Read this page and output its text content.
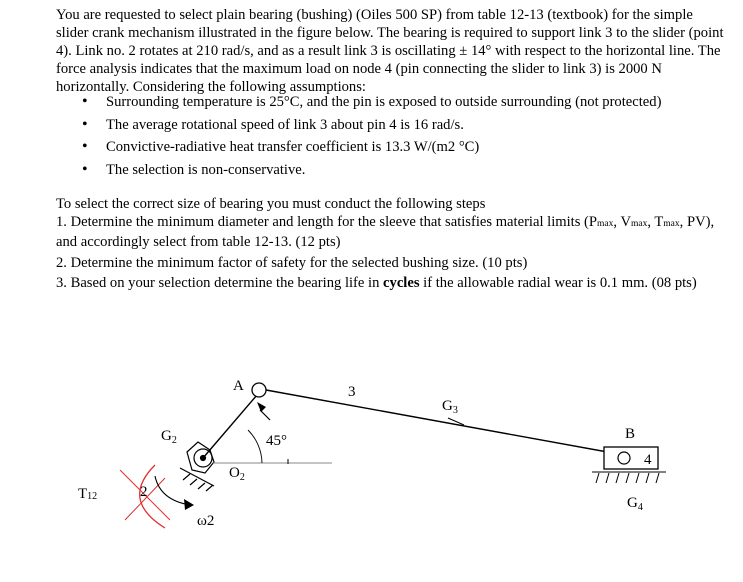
You are requested to select plain bearing (bushing) (Oiles 500 SP) from table 12-13 (textbook) for the simple slider crank mechanism illustrated in the figure below. The bearing is required to support link 3 to the slider (point 4). Link no. 2 rotates at 210 rad/s, and as a result link 3 is oscillating ± 14° with respect to the horizontal line. The force analysis indicates that the maximum load on node 4 (pin connecting the slider to link 3) is 2000 N horizontally. Considering the following assumptions:

• Surrounding temperature is 25°C, and the pin is exposed to outside surrounding (not protected)
• The average rotational speed of link 3 about pin 4 is 16 rad/s.
• Convictive-radiative heat transfer coefficient is 13.3 W/(m2 °C)
• The selection is non-conservative.

To select the correct size of bearing you must conduct the following steps

1. Determine the minimum diameter and length for the sleeve that satisfies material limits (Pmax, Vmax, Tmax, PV), and accordingly select from table 12-13. (12 pts)

2. Determine the minimum factor of safety for the selected bushing size. (10 pts)

3. Based on your selection determine the bearing life in cycles if the allowable radial wear is 0.1 mm. (08 pts)

A	3
$G_3$
$G_2$	45°
$O_2$
T12	2
ω2
B
4
$G_4$
